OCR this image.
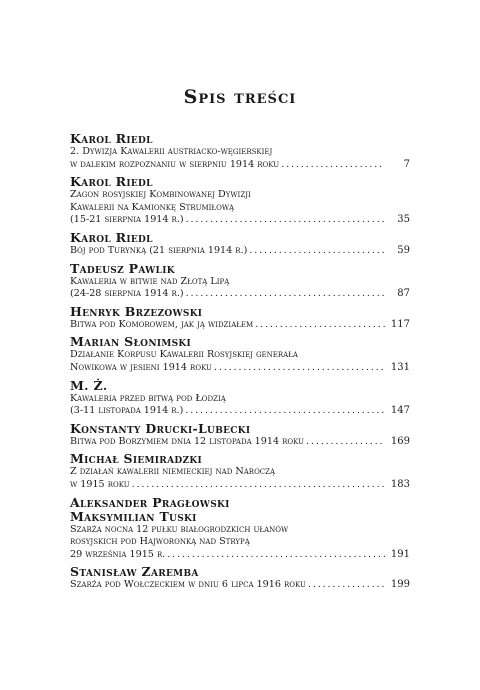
Spis treści
Karol Riedl
2. Dywizja Kawalerii austriacko-węgierskiej
w dalekim rozpoznaniu w sierpniu 1914 roku . . .	7
Karol Riedl
Zagon rosyjskiej Kombinowanej Dywizji
Kawalerii na Kamionkę Strumiłową
(15-21 sierpnia 1914 r.) . . .	35
Karol Riedl
Bój pod Turynką (21 sierpnia 1914 r.) . . .	59
Tadeusz Pawlik
Kawaleria w bitwie nad Złotą Lipą
(24-28 sierpnia 1914 r.) . . .	87
Henryk Brzezowski
Bitwa pod Komorowem, jak ją widziałem . . .	117
Marian Słonimski
Działanie Korpusu Kawalerii Rosyjskiej generała
Nowikowa w jesieni 1914 roku . . .	131
M. Ż.
Kawaleria przed bitwą pod Łodzią
(3-11 listopada 1914 r.) . . .	147
Konstanty Drucki-Lubecki
Bitwa pod Borzymiem dnia 12 listopada 1914 roku . . .	169
Michał Siemiradzki
Z działań kawalerii niemieckiej nad Naroczą
w 1915 roku . . .	183
Aleksander Pragłowski
Maksymilian Tuski
Szarża nocna 12 pułku białogrodzkich ułanów
rosyjskich pod Hajworonką nad Strypą
29 września 1915 r. . . .	191
Stanisław Zaremba
Szarża pod Wołczeckiem w dniu 6 lipca 1916 roku . . .	199
